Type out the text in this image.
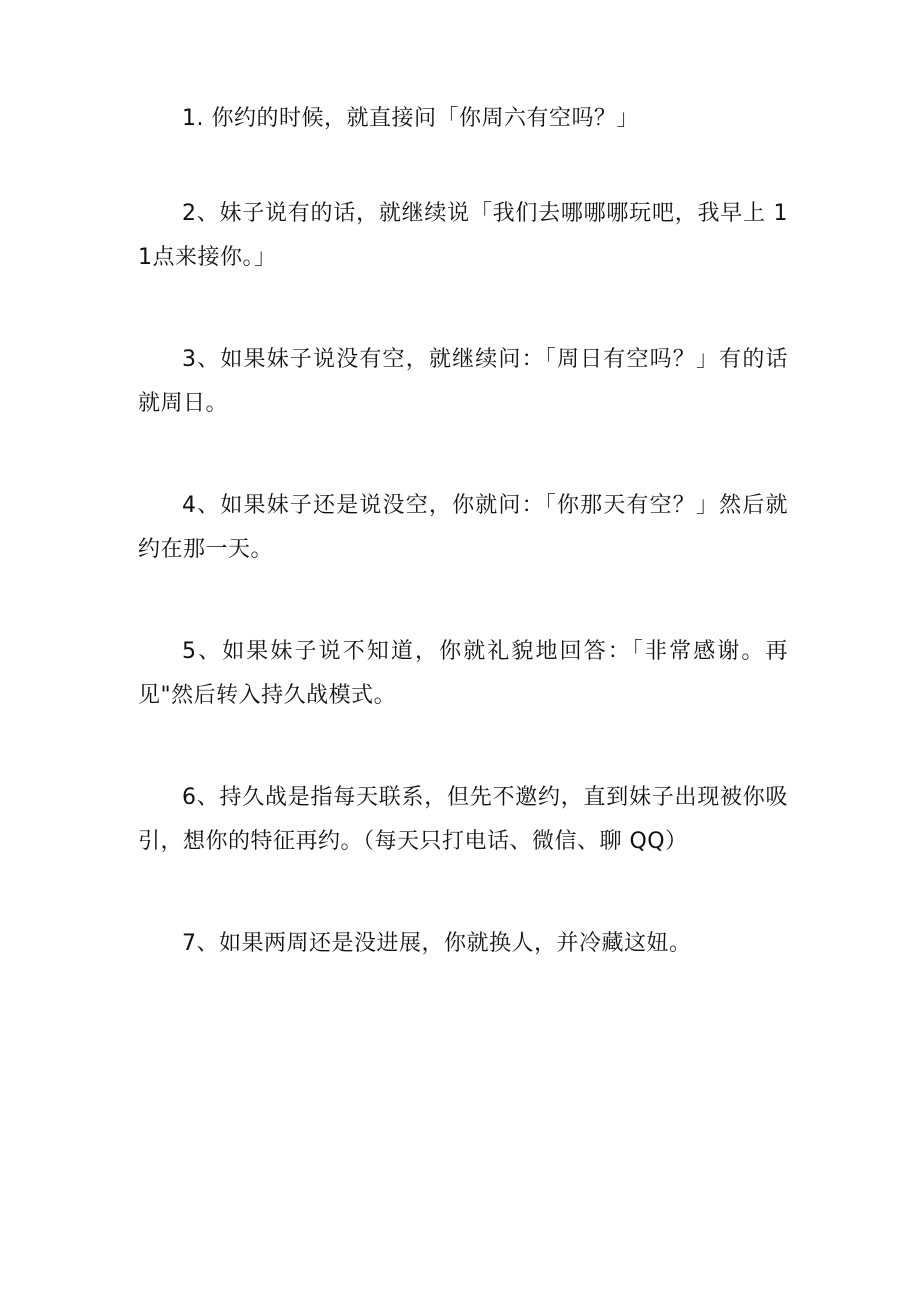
1. 你约的时候，就直接问「你周六有空吗？」

2、妹子说有的话，就继续说「我们去哪哪哪玩吧，我早上 11点来接你。」

3、如果妹子说没有空，就继续问：「周日有空吗？」有的话就周日。

4、如果妹子还是说没空，你就问：「你那天有空？」然后就约在那一天。

5、如果妹子说不知道，你就礼貌地回答：「非常感谢。再见"然后转入持久战模式。

6、持久战是指每天联系，但先不邀约，直到妹子出现被你吸引，想你的特征再约。（每天只打电话、微信、聊 QQ）

7、如果两周还是没进展，你就换人，并冷藏这妞。
